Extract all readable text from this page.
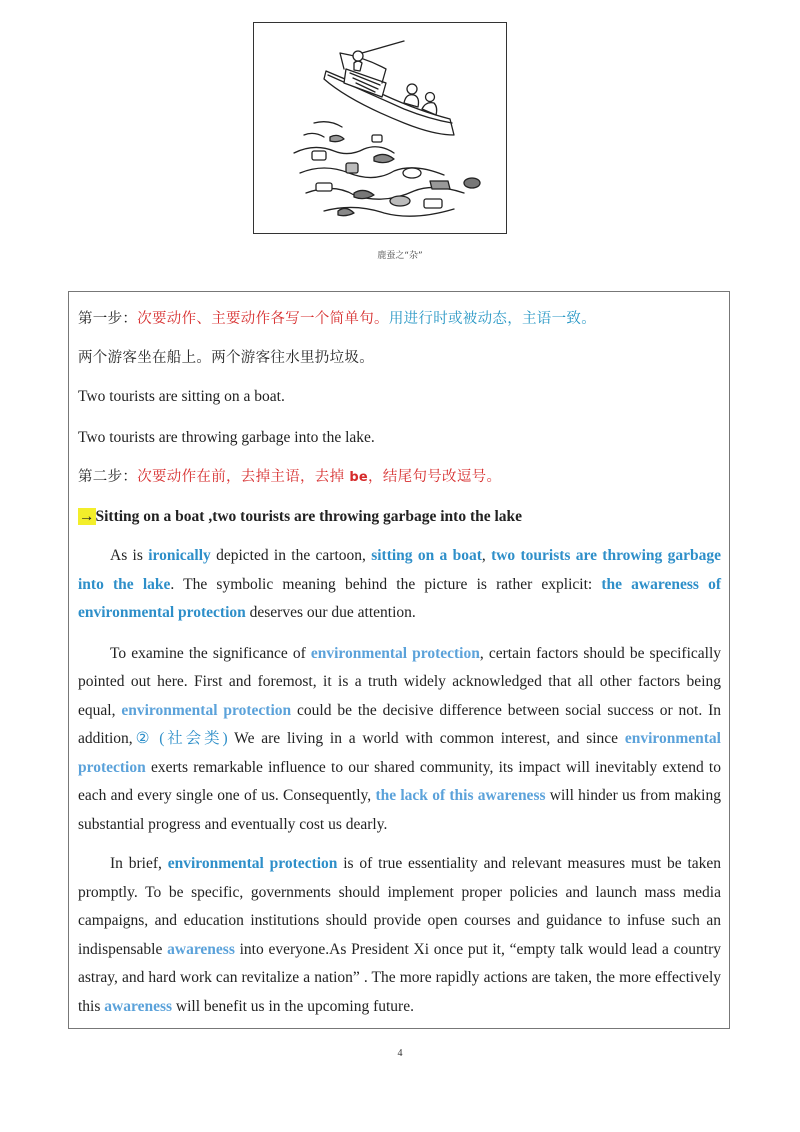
鹿蚕之“杂”

第一步：次要动作、主要动作各写一个简单句。用进行时或被动态，主语一致。

两个游客坐在船上。两个游客往水里扔垃圾。

Two tourists are sitting on a boat.

Two tourists are throwing garbage into the lake.

第二步：次要动作在前，去掉主语，去掉 be，结尾句号改逗号。

→Sitting on a boat ,two tourists are throwing garbage into the lake

As is ironically depicted in the cartoon, sitting on a boat, two tourists are throwing garbage into the lake. The symbolic meaning behind the picture is rather explicit: the awareness of environmental protection deserves our due attention.

To examine the significance of environmental protection, certain factors should be specifically pointed out here. First and foremost, it is a truth widely acknowledged that all other factors being equal, environmental protection could be the decisive difference between social success or not. In addition,② (社会类) We are living in a world with common interest, and since environmental protection exerts remarkable influence to our shared community, its impact will inevitably extend to each and every single one of us. Consequently, the lack of this awareness will hinder us from making substantial progress and eventually cost us dearly.

In brief, environmental protection is of true essentiality and relevant measures must be taken promptly. To be specific, governments should implement proper policies and launch mass media campaigns, and education institutions should provide open courses and guidance to infuse such an indispensable awareness into everyone.As President Xi once put it, “empty talk would lead a country astray, and hard work can revitalize a nation” . The more rapidly actions are taken, the more effectively this awareness will benefit us in the upcoming future.

4
